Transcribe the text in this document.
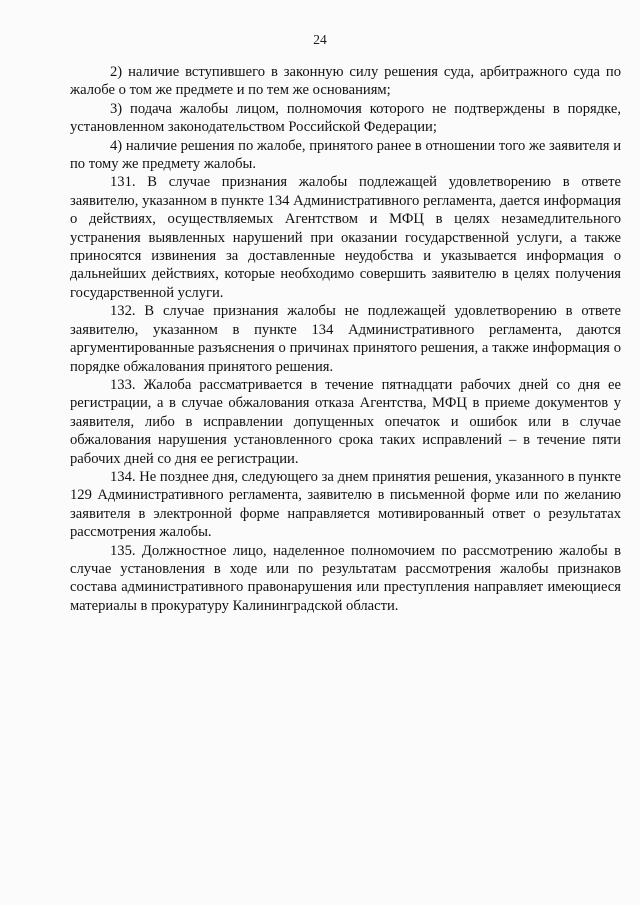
24

2) наличие вступившего в законную силу решения суда, арбитражного суда по жалобе о том же предмете и по тем же основаниям;

3) подача жалобы лицом, полномочия которого не подтверждены в порядке, установленном законодательством Российской Федерации;

4) наличие решения по жалобе, принятого ранее в отношении того же заявителя и по тому же предмету жалобы.

131. В случае признания жалобы подлежащей удовлетворению в ответе заявителю, указанном в пункте 134 Административного регламента, дается информация о действиях, осуществляемых Агентством и МФЦ в целях незамедлительного устранения выявленных нарушений при оказании государственной услуги, а также приносятся извинения за доставленные неудобства и указывается информация о дальнейших действиях, которые необходимо совершить заявителю в целях получения государственной услуги.

132. В случае признания жалобы не подлежащей удовлетворению в ответе заявителю, указанном в пункте 134 Административного регламента, даются аргументированные разъяснения о причинах принятого решения, а также информация о порядке обжалования принятого решения.

133. Жалоба рассматривается в течение пятнадцати рабочих дней со дня ее регистрации, а в случае обжалования отказа Агентства, МФЦ в приеме документов у заявителя, либо в исправлении допущенных опечаток и ошибок или в случае обжалования нарушения установленного срока таких исправлений – в течение пяти рабочих дней со дня ее регистрации.

134. Не позднее дня, следующего за днем принятия решения, указанного в пункте 129 Административного регламента, заявителю в письменной форме или по желанию заявителя в электронной форме направляется мотивированный ответ о результатах рассмотрения жалобы.

135. Должностное лицо, наделенное полномочием по рассмотрению жалобы в случае установления в ходе или по результатам рассмотрения жалобы признаков состава административного правонарушения или преступления направляет имеющиеся материалы в прокуратуру Калининградской области.
